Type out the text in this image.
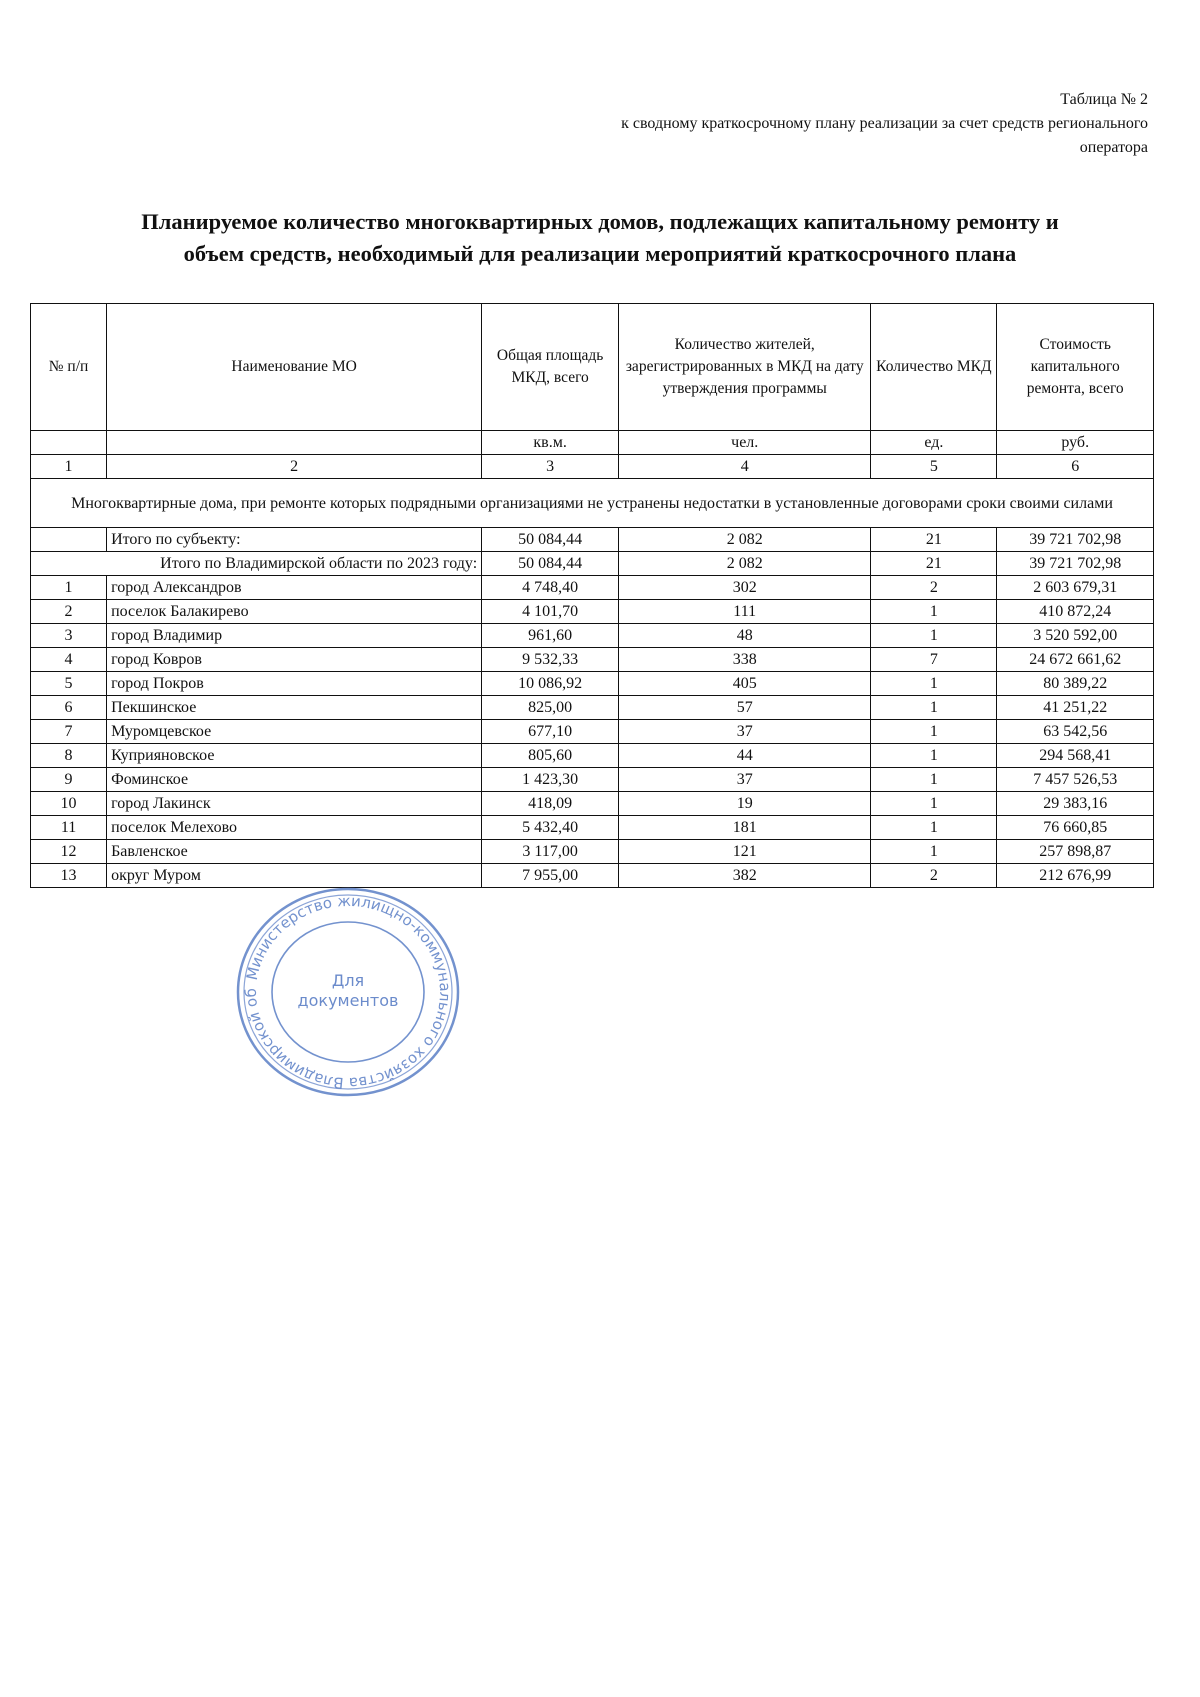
Таблица № 2
к сводному краткосрочному плану реализации за счет средств регионального
оператора
Планируемое количество многоквартирных домов, подлежащих капитальному ремонту и
объем средств, необходимый для реализации мероприятий краткосрочного плана
№ п/п	Наименование МО	Общая площадь МКД, всего	Количество жителей, зарегистрированных в МКД на дату утверждения программы	Количество МКД	Стоимость капитального ремонта, всего
		кв.м.	чел.	ед.	руб.
1	2	3	4	5	6
Многоквартирные дома, при ремонте которых подрядными организациями не устранены недостатки в установленные договорами сроки своими силами					
	Итого по субъекту:	50 084,44	2 082	21	39 721 702,98
Итого по Владимирской области по 2023 году:		50 084,44	2 082	21	39 721 702,98
1	город Александров	4 748,40	302	2	2 603 679,31
2	поселок Балакирево	4 101,70	111	1	410 872,24
3	город Владимир	961,60	48	1	3 520 592,00
4	город Ковров	9 532,33	338	7	24 672 661,62
5	город Покров	10 086,92	405	1	80 389,22
6	Пекшинское	825,00	57	1	41 251,22
7	Муромцевское	677,10	37	1	63 542,56
8	Куприяновское	805,60	44	1	294 568,41
9	Фоминское	1 423,30	37	1	7 457 526,53
10	город Лакинск	418,09	19	1	29 383,16
11	поселок Мелехово	5 432,40	181	1	76 660,85
12	Бавленское	3 117,00	121	1	257 898,87
13	округ Муром	7 955,00	382	2	212 676,99
Министерство жилищно-коммунального хозяйства Владимирской об
Для
документов
